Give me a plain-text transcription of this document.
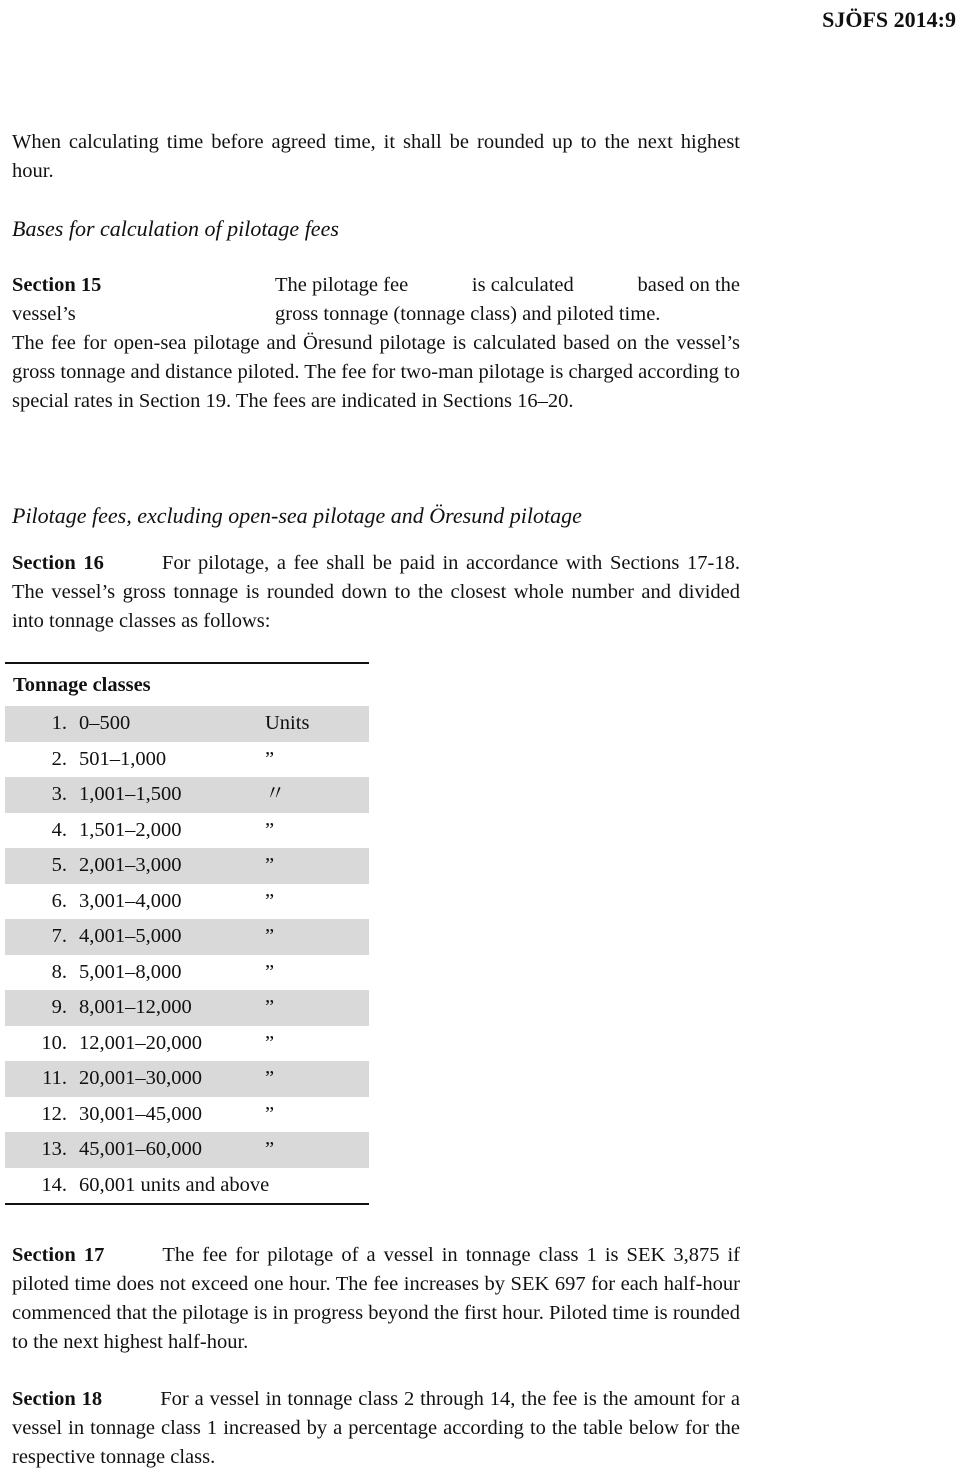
SJÖFS 2014:9
When calculating time before agreed time, it shall be rounded up to the next highest hour.
Bases for calculation of pilotage fees
Section 15	The pilotage fee	is calculated	based on the
vessel’s	gross tonnage (tonnage class) and piloted time.
The fee for open-sea pilotage and Öresund pilotage is calculated based on the vessel’s gross tonnage and distance piloted. The fee for two-man pilotage is charged according to special rates in Section 19. The fees are indicated in Sections 16–20.
Pilotage fees, excluding open-sea pilotage and Öresund pilotage
Section 16	For pilotage, a fee shall be paid in accordance with Sections 17-18. The vessel’s gross tonnage is rounded down to the closest whole number and divided into tonnage classes as follows:
Tonnage classes		
1.	0–500	Units
2.	501–1,000	”
3.	1,001–1,500	〃
4.	1,501–2,000	”
5.	2,001–3,000	”
6.	3,001–4,000	”
7.	4,001–5,000	”
8.	5,001–8,000	”
9.	8,001–12,000	”
10.	12,001–20,000	”
11.	20,001–30,000	”
12.	30,001–45,000	”
13.	45,001–60,000	”
14.	60,001 units and above	
Section 17	The fee for pilotage of a vessel in tonnage class 1 is SEK 3,875 if piloted time does not exceed one hour. The fee increases by SEK 697 for each half-hour commenced that the pilotage is in progress beyond the first hour. Piloted time is rounded to the next highest half-hour.
Section 18	For a vessel in tonnage class 2 through 14, the fee is the amount for a vessel in tonnage class 1 increased by a percentage according to the table below for the respective tonnage class.
